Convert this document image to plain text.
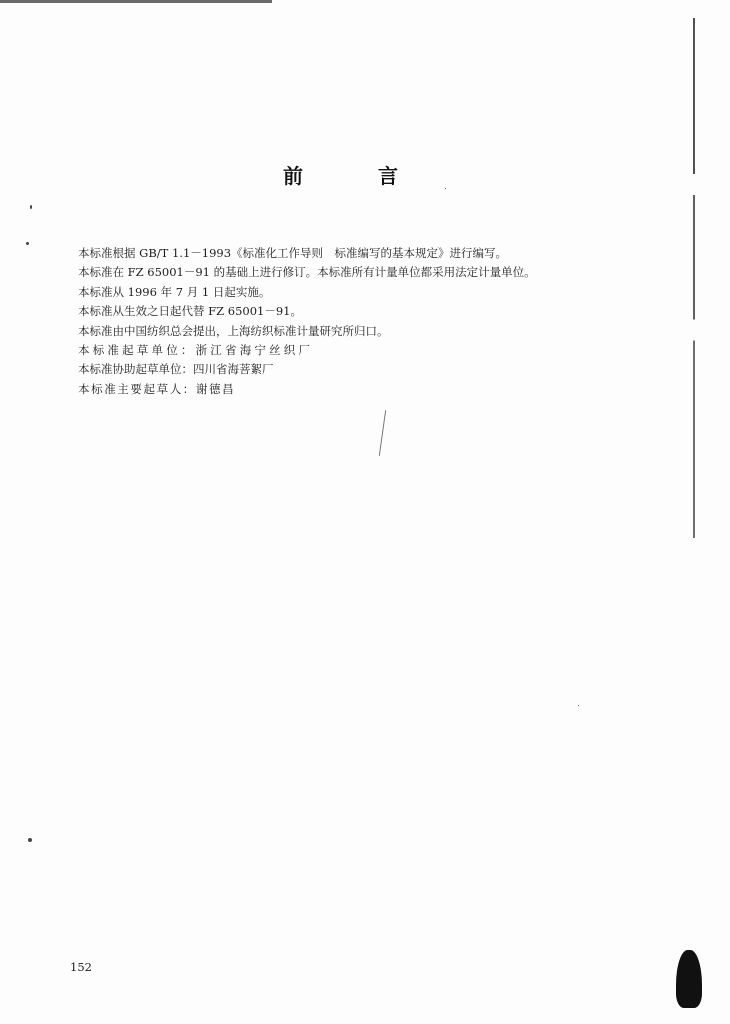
前	言
本标准根据 GB/T 1.1－1993《标准化工作导则　标准编写的基本规定》进行编写。
本标准在 FZ 65001－91 的基础上进行修订。本标准所有计量单位都采用法定计量单位。
本标准从 1996 年 7 月 1 日起实施。
本标准从生效之日起代替 FZ 65001－91。
本标准由中国纺织总会提出，上海纺织标准计量研究所归口。
本标准起草单位：浙江省海宁丝织厂
本标准协助起草单位：四川省海菩絮厂
本标准主要起草人：谢德昌
152
